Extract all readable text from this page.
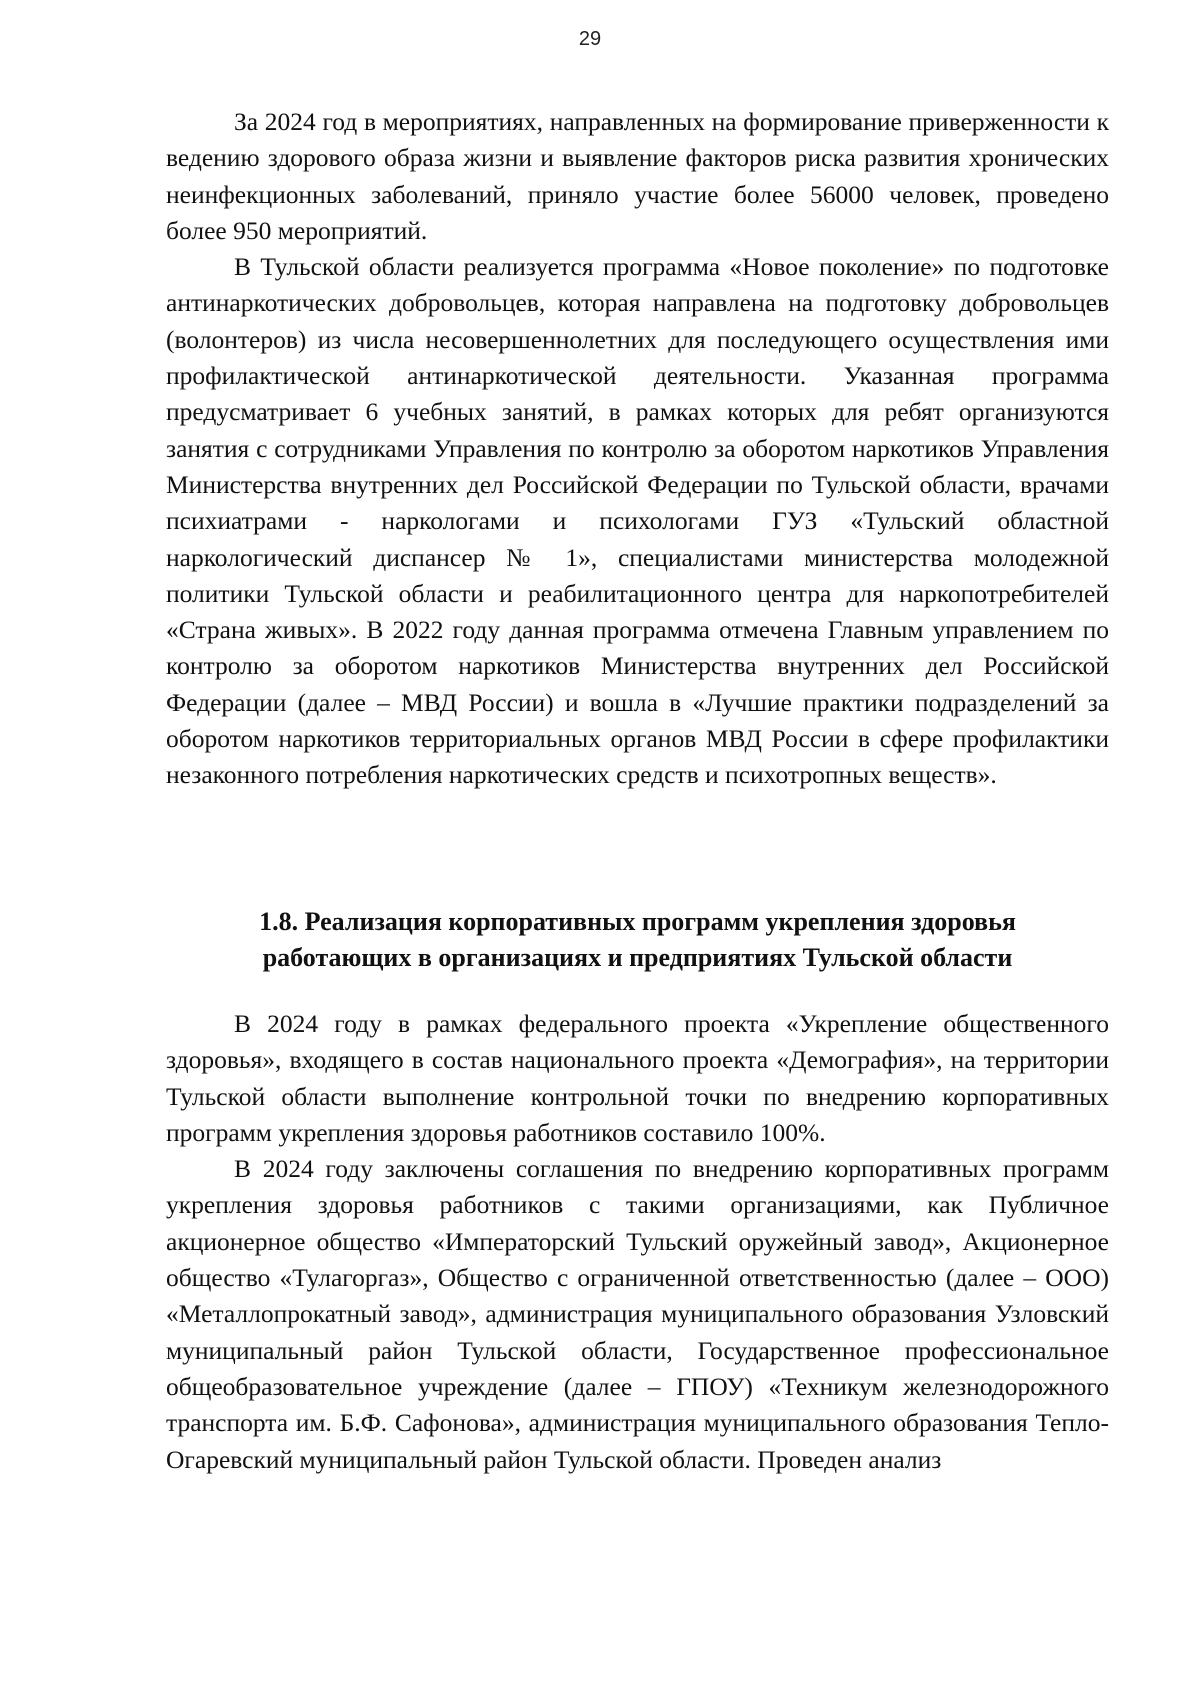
29

За 2024 год в мероприятиях, направленных на формирование приверженности к ведению здорового образа жизни и выявление факторов риска развития хронических неинфекционных заболеваний, приняло участие более 56000 человек, проведено более 950 мероприятий.

В Тульской области реализуется программа «Новое поколение» по подготовке антинаркотических добровольцев, которая направлена на подготовку добровольцев (волонтеров) из числа несовершеннолетних для последующего осуществления ими профилактической антинаркотической деятельности. Указанная программа предусматривает 6 учебных занятий, в рамках которых для ребят организуются занятия с сотрудниками Управления по контролю за оборотом наркотиков Управления Министерства внутренних дел Российской Федерации по Тульской области, врачами психиатрами - наркологами и психологами ГУЗ «Тульский областной наркологический диспансер № 1», специалистами министерства молодежной политики Тульской области и реабилитационного центра для наркопотребителей «Страна живых». В 2022 году данная программа отмечена Главным управлением по контролю за оборотом наркотиков Министерства внутренних дел Российской Федерации (далее – МВД России) и вошла в «Лучшие практики подразделений за оборотом наркотиков территориальных органов МВД России в сфере профилактики незаконного потребления наркотических средств и психотропных веществ».

1.8. Реализация корпоративных программ укрепления здоровья
работающих в организациях и предприятиях Тульской области

В 2024 году в рамках федерального проекта «Укрепление общественного здоровья», входящего в состав национального проекта «Демография», на территории Тульской области выполнение контрольной точки по внедрению корпоративных программ укрепления здоровья работников составило 100%.

В 2024 году заключены соглашения по внедрению корпоративных программ укрепления здоровья работников с такими организациями, как Публичное акционерное общество «Императорский Тульский оружейный завод», Акционерное общество «Тулагоргаз», Общество с ограниченной ответственностью (далее – ООО) «Металлопрокатный завод», администрация муниципального образования Узловский муниципальный район Тульской области, Государственное профессиональное общеобразовательное учреждение (далее – ГПОУ) «Техникум железнодорожного транспорта им. Б.Ф. Сафонова», администрация муниципального образования Тепло-Огаревский муниципальный район Тульской области. Проведен анализ
